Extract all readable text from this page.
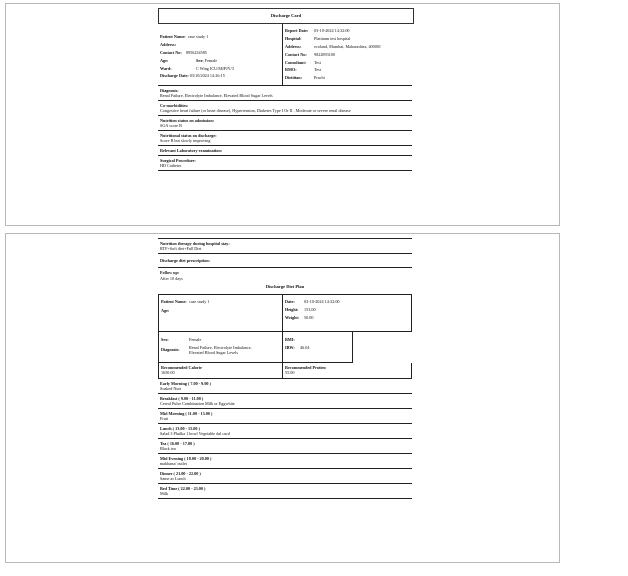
Discharge Card
Patient Name:
case study 1
Address:
Contact No:
8956234585
Age:	Sex:
Female
Ward:	C Wing ICU/MJPJY/3
Discharge Date:
03/10/2024 14:26:15
Report Date:
	03-10-2024 14:32:00
Hospital:
	Platinum test hospital
Address:
	ecoland, Mumbai, Maharashtra, 400001
Contact No:
	9822893100
Consultant:
	Test
RMO:
	Test
Dietitian:
	Prachi
Diagnosis:
Renal Failure, Electrolyte Imbalance, Elevated Blood Sugar Levels
Co-morbidities:
Congestive heart failure (or heart disease), Hypertension, Diabetes Type I Or II , Moderate or severe renal disease
Nutrition status on admission:
SGA score B
Nutritional status on discharge:
Score B but slowly improving
Relevant Laboratory examination:
Surgical Procedure:
HD Catheter
Nutrition therapy during hospital stay:
RTF+Soft diet+Full Diet
Discharge diet prescription:
Follow up:
After 10 days
Discharge Diet Plan
Patient Name: case study 1
Age:
Date:
	03-10-2024 14:32:00
Height:
	153.00
Weight:
	50.00
Sex:	Female
Diagnosis:
Renal Failure, Electrolyte Imbalance, Elevated Blood Sugar Levels
BMI:
IBW:
	46.04
Recommended Calorie
1650.00
Recommended Protien
55.00
Early Morning ( 7.00 - 9.00 )
Soaked Nuts
Breakfast ( 9.00 - 11.00 )
Cereal Pulse Combination Milk or Eggwhite
Mid Morning ( 11.00 - 13.00 )
Fruit
Lunch ( 13.00 - 15.00 )
Salad 3 Phulka 1 bowl Vegetable dal curd
Tea ( 16.00 - 17.00 )
Black tea
Mid Evening ( 18.00 - 20.00 )
makhana/ outlet
Dinner ( 21.00 - 22.00 )
Same as Lunch
Bed Time ( 22.00 - 23.00 )
Milk
